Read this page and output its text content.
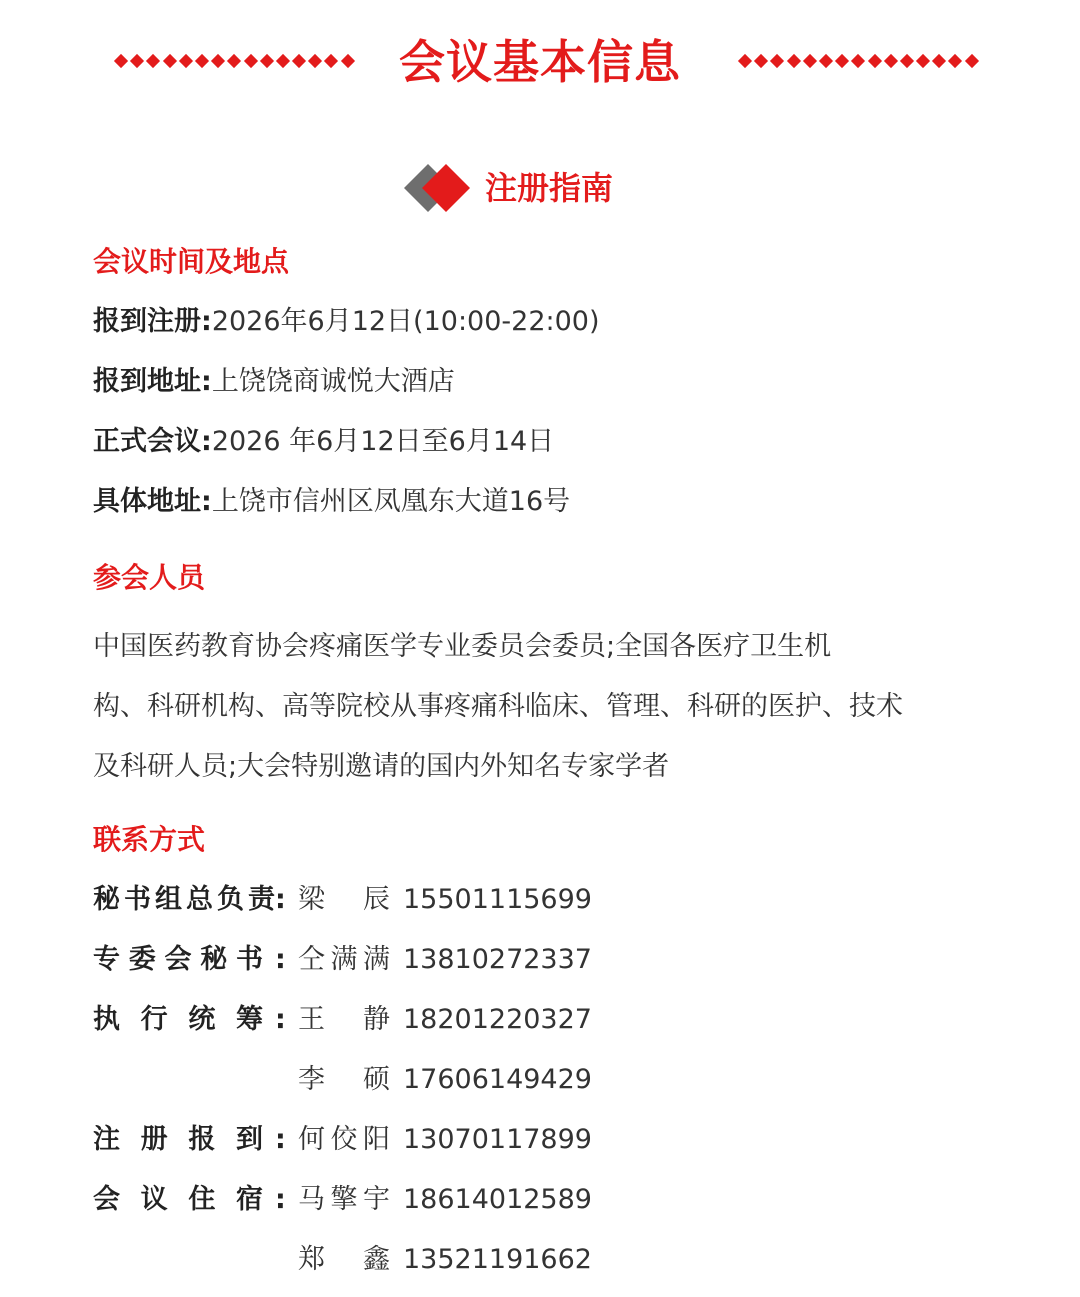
会议基本信息
注册指南
会议时间及地点
报到注册:2026年6月12日(10:00-22:00)
报到地址:上饶饶商诚悦大酒店
正式会议:2026 年6月12日至6月14日
具体地址:上饶市信州区凤凰东大道16号
参会人员
中国医药教育协会疼痛医学专业委员会委员;全国各医疗卫生机
构、科研机构、高等院校从事疼痛科临床、管理、科研的医护、技术
及科研人员;大会特别邀请的国内外知名专家学者
联系方式
:
秘 书 组 总 负 责 梁 辰 15501115699
:
专 委 会 秘 书 仝 满 满 13810272337
:
执 行 统 筹 王 静 18201220327
李 硕 17606149429
:
注 册 报 到 何 佼 阳 13070117899
:
会 议 住 宿 马 擎 宇 18614012589
郑 鑫 13521191662
